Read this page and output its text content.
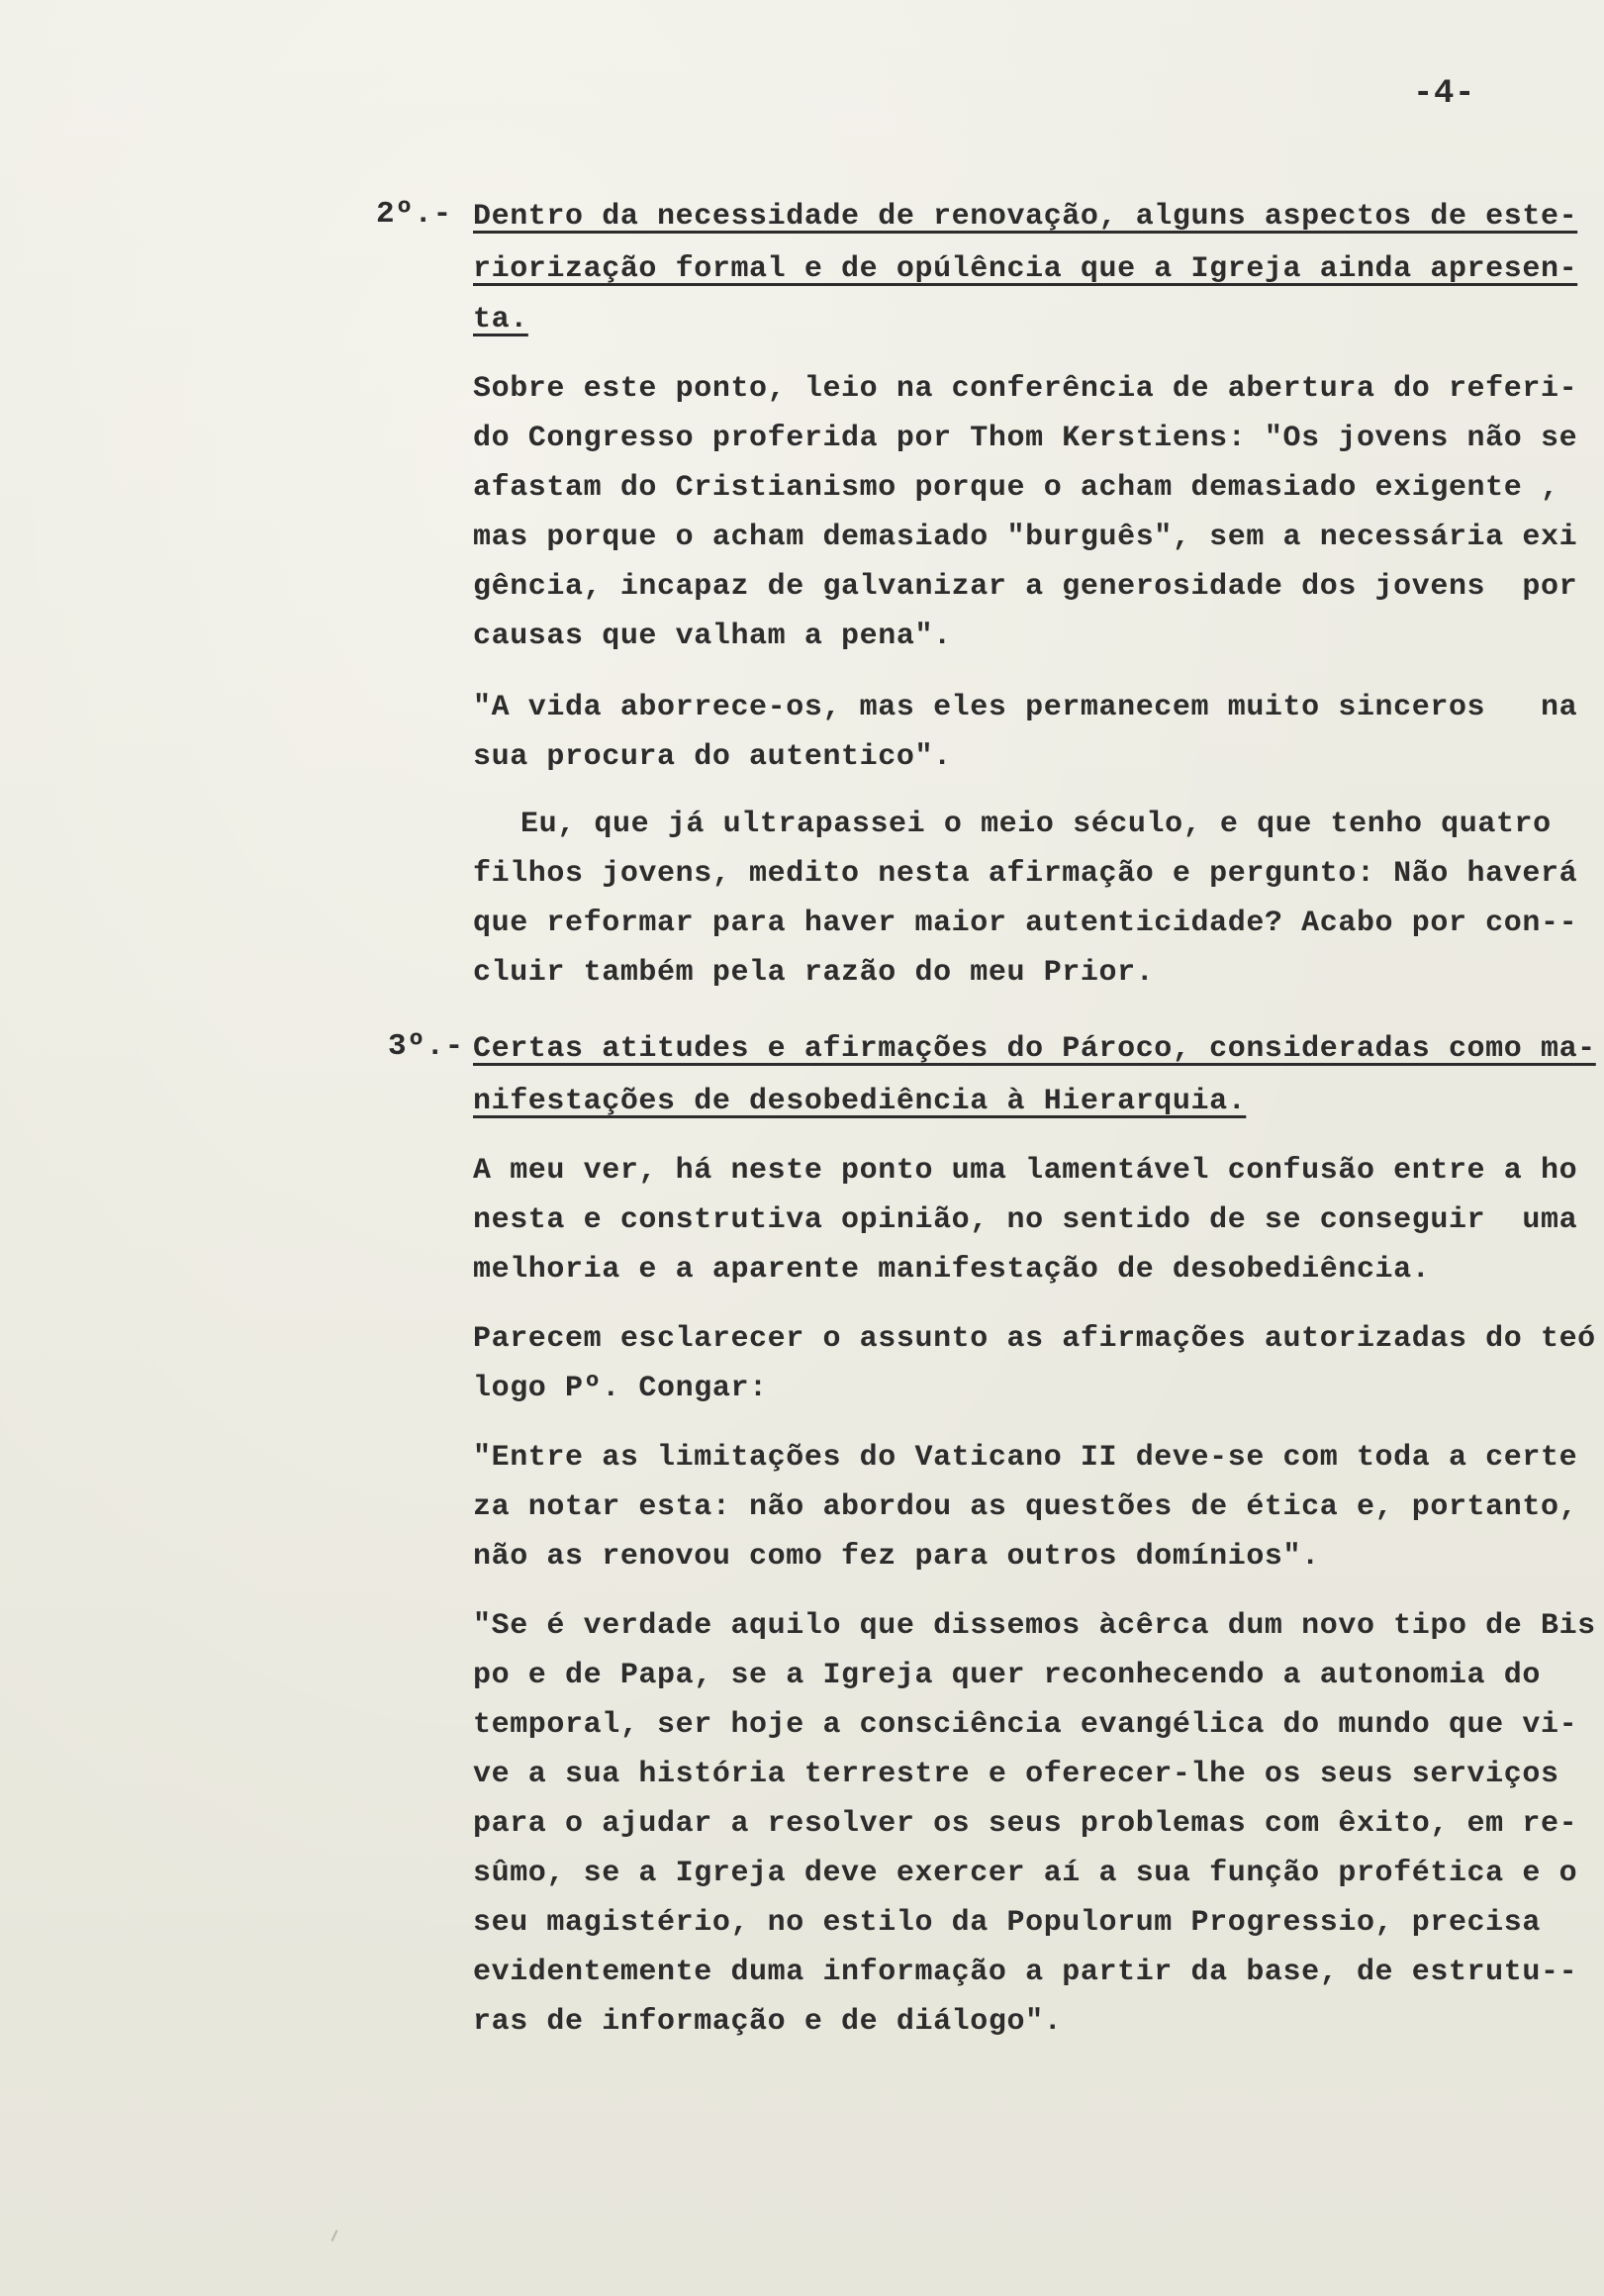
-4-
2º.- Dentro da necessidade de renovação, alguns aspectos de este-
riorização formal e de opúlência que a Igreja ainda apresen-
ta.
Sobre este ponto, leio na conferência de abertura do referi-
do Congresso proferida por Thom Kerstiens: "Os jovens não se
afastam do Cristianismo porque o acham demasiado exigente ,
mas porque o acham demasiado "burguês", sem a necessária exi
gência, incapaz de galvanizar a generosidade dos jovens  por
causas que valham a pena".
"A vida aborrece-os, mas eles permanecem muito sinceros   na
sua procura do autentico".
Eu, que já ultrapassei o meio século, e que tenho quatro
filhos jovens, medito nesta afirmação e pergunto: Não haverá
que reformar para haver maior autenticidade? Acabo por con--
cluir também pela razão do meu Prior.
3º.- Certas atitudes e afirmações do Pároco, consideradas como ma-
nifestações de desobediência à Hierarquia.
A meu ver, há neste ponto uma lamentável confusão entre a ho
nesta e construtiva opinião, no sentido de se conseguir  uma
melhoria e a aparente manifestação de desobediência.
Parecem esclarecer o assunto as afirmações autorizadas do teó
logo Pº. Congar:
"Entre as limitações do Vaticano II deve-se com toda a certe
za notar esta: não abordou as questões de ética e, portanto,
não as renovou como fez para outros domínios".
"Se é verdade aquilo que dissemos àcêrca dum novo tipo de Bis
po e de Papa, se a Igreja quer reconhecendo a autonomia do
temporal, ser hoje a consciência evangélica do mundo que vi-
ve a sua história terrestre e oferecer-lhe os seus serviços
para o ajudar a resolver os seus problemas com êxito, em re-
sûmo, se a Igreja deve exercer aí a sua função profética e o
seu magistério, no estilo da Populorum Progressio, precisa
evidentemente duma informação a partir da base, de estrutu--
ras de informação e de diálogo".
